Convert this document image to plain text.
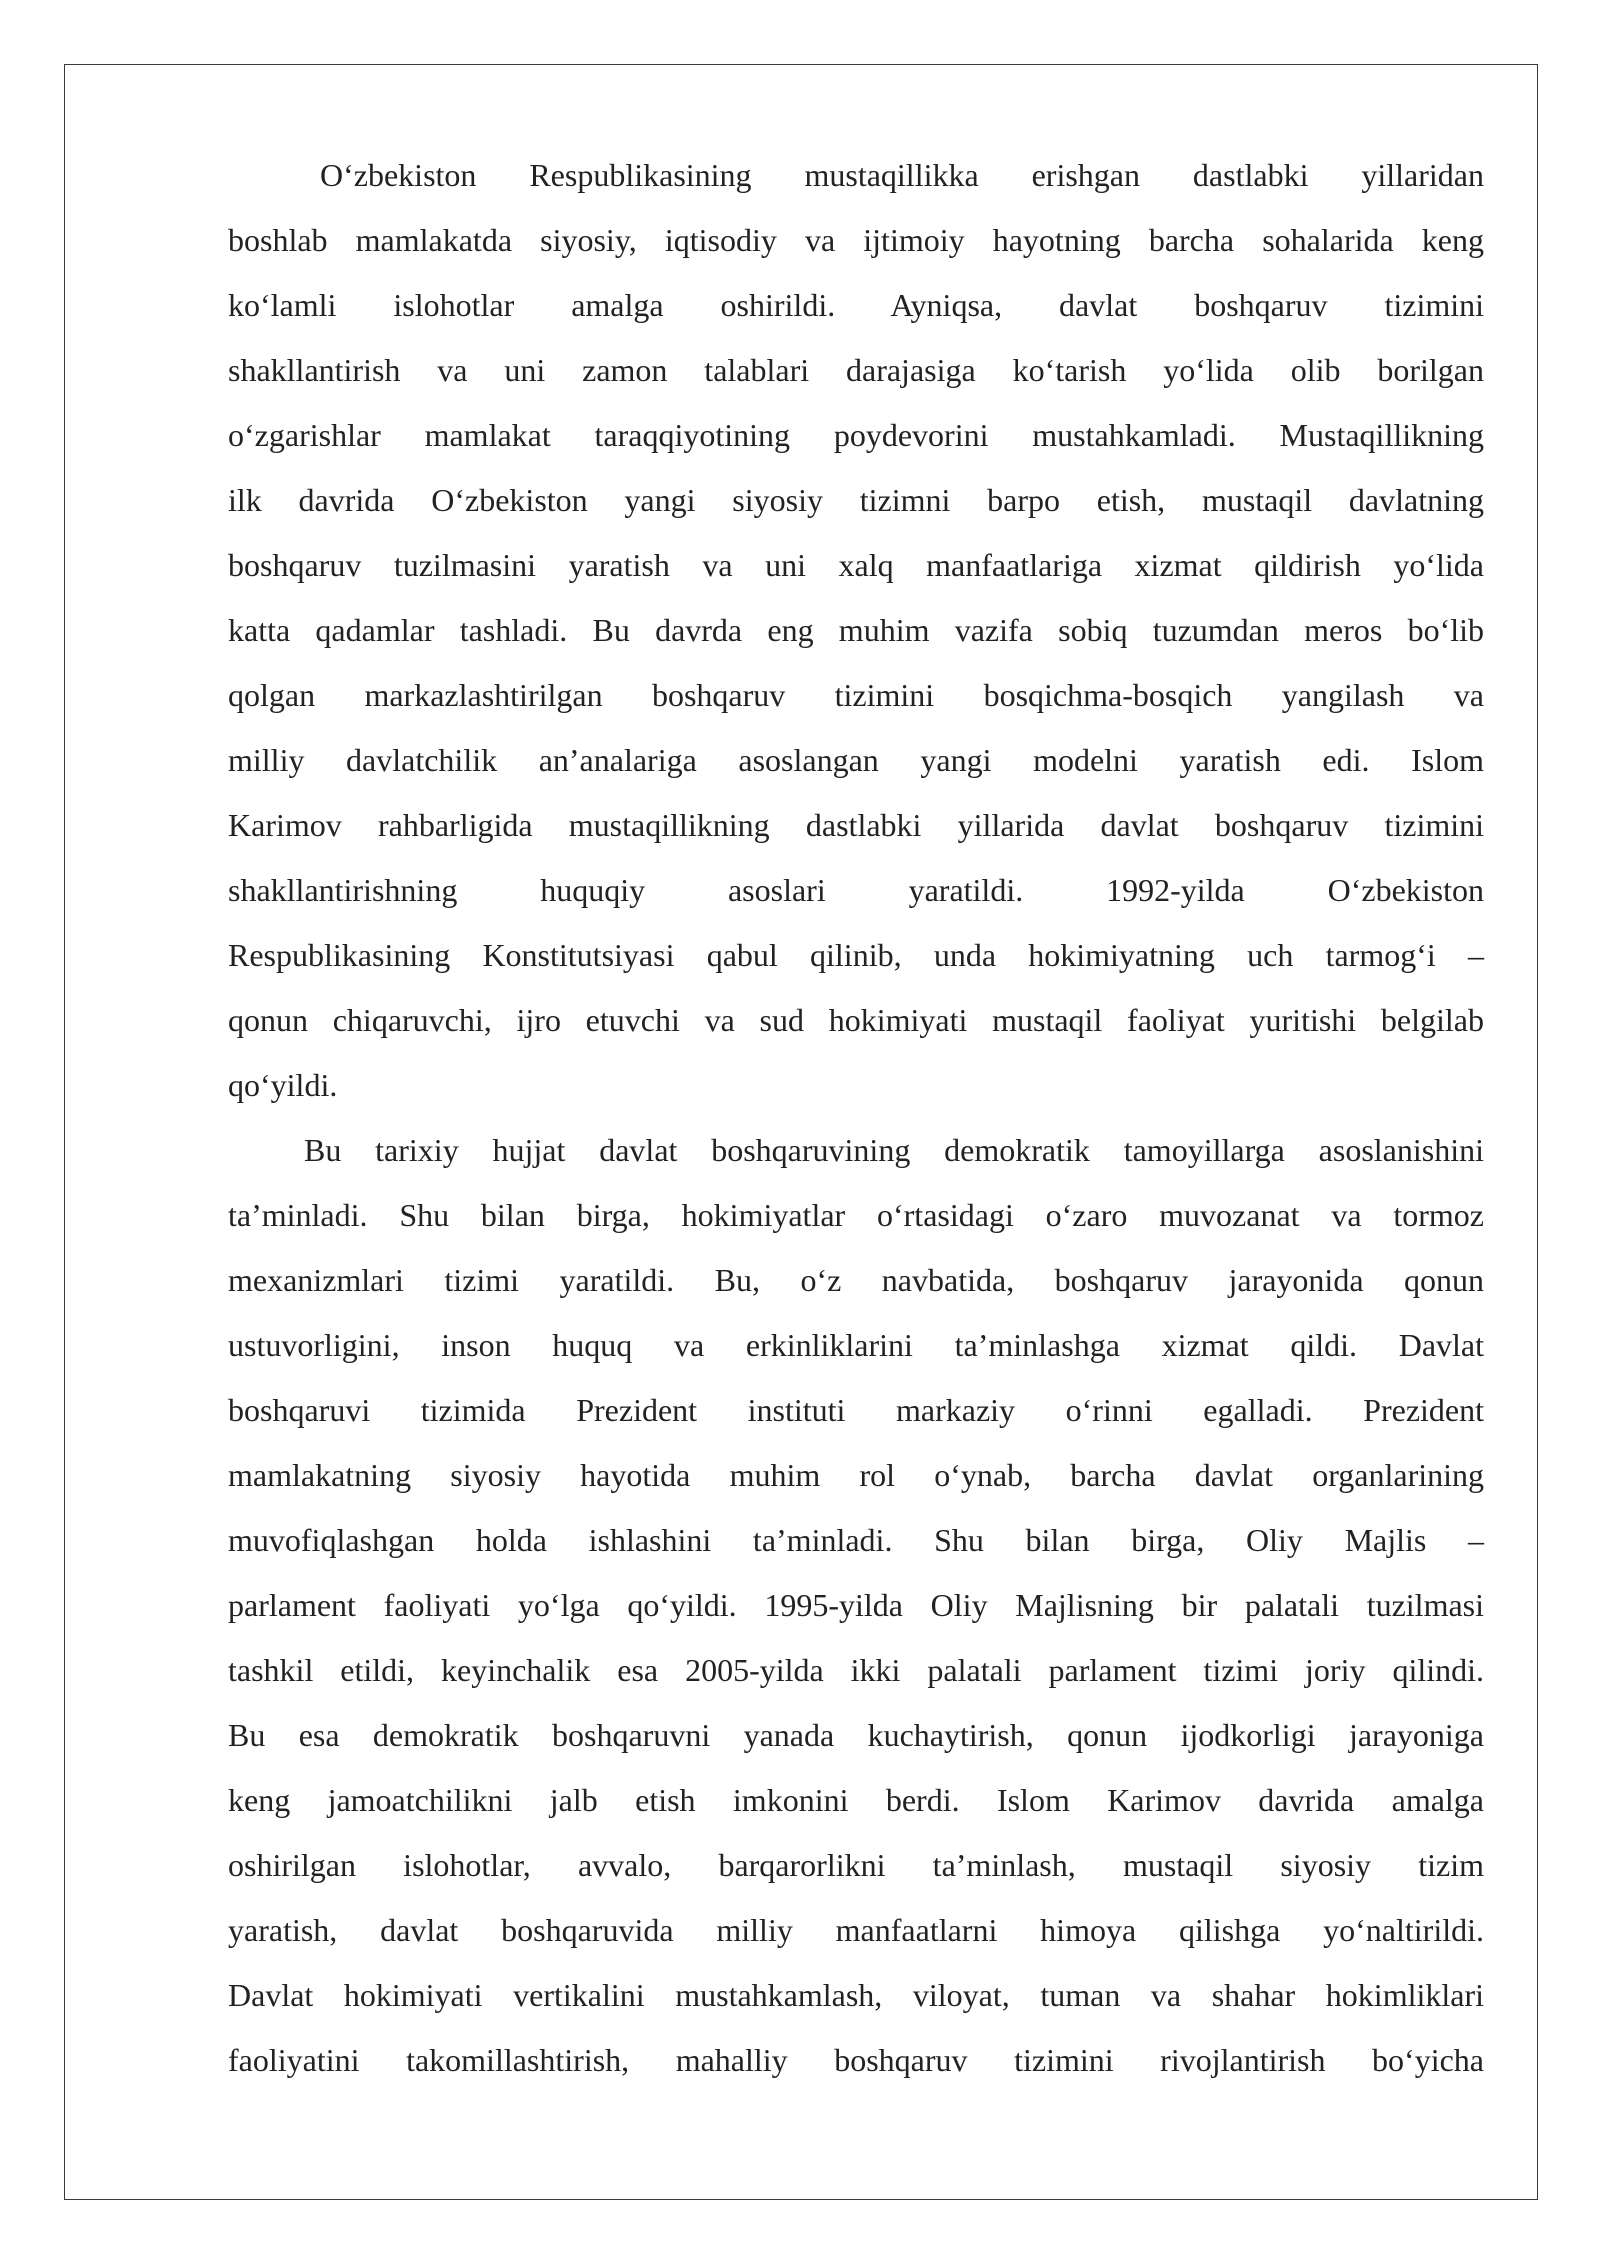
O‘zbekiston Respublikasining mustaqillikka erishgan dastlabki yillaridan
boshlab mamlakatda siyosiy, iqtisodiy va ijtimoiy hayotning barcha sohalarida keng
ko‘lamli islohotlar amalga oshirildi. Ayniqsa, davlat boshqaruv tizimini
shakllantirish va uni zamon talablari darajasiga ko‘tarish yo‘lida olib borilgan
o‘zgarishlar mamlakat taraqqiyotining poydevorini mustahkamladi. Mustaqillikning
ilk davrida O‘zbekiston yangi siyosiy tizimni barpo etish, mustaqil davlatning
boshqaruv tuzilmasini yaratish va uni xalq manfaatlariga xizmat qildirish yo‘lida
katta qadamlar tashladi. Bu davrda eng muhim vazifa sobiq tuzumdan meros bo‘lib
qolgan markazlashtirilgan boshqaruv tizimini bosqichma-bosqich yangilash va
milliy davlatchilik an’analariga asoslangan yangi modelni yaratish edi. Islom
Karimov rahbarligida mustaqillikning dastlabki yillarida davlat boshqaruv tizimini
shakllantirishning huquqiy asoslari yaratildi. 1992-yilda O‘zbekiston
Respublikasining Konstitutsiyasi qabul qilinib, unda hokimiyatning uch tarmog‘i –
qonun chiqaruvchi, ijro etuvchi va sud hokimiyati mustaqil faoliyat yuritishi belgilab
qo‘yildi.
Bu tarixiy hujjat davlat boshqaruvining demokratik tamoyillarga asoslanishini
ta’minladi. Shu bilan birga, hokimiyatlar o‘rtasidagi o‘zaro muvozanat va tormoz
mexanizmlari tizimi yaratildi. Bu, o‘z navbatida, boshqaruv jarayonida qonun
ustuvorligini, inson huquq va erkinliklarini ta’minlashga xizmat qildi. Davlat
boshqaruvi tizimida Prezident instituti markaziy o‘rinni egalladi. Prezident
mamlakatning siyosiy hayotida muhim rol o‘ynab, barcha davlat organlarining
muvofiqlashgan holda ishlashini ta’minladi. Shu bilan birga, Oliy Majlis –
parlament faoliyati yo‘lga qo‘yildi. 1995-yilda Oliy Majlisning bir palatali tuzilmasi
tashkil etildi, keyinchalik esa 2005-yilda ikki palatali parlament tizimi joriy qilindi.
Bu esa demokratik boshqaruvni yanada kuchaytirish, qonun ijodkorligi jarayoniga
keng jamoatchilikni jalb etish imkonini berdi. Islom Karimov davrida amalga
oshirilgan islohotlar, avvalo, barqarorlikni ta’minlash, mustaqil siyosiy tizim
yaratish, davlat boshqaruvida milliy manfaatlarni himoya qilishga yo‘naltirildi.
Davlat hokimiyati vertikalini mustahkamlash, viloyat, tuman va shahar hokimliklari
faoliyatini takomillashtirish, mahalliy boshqaruv tizimini rivojlantirish bo‘yicha
